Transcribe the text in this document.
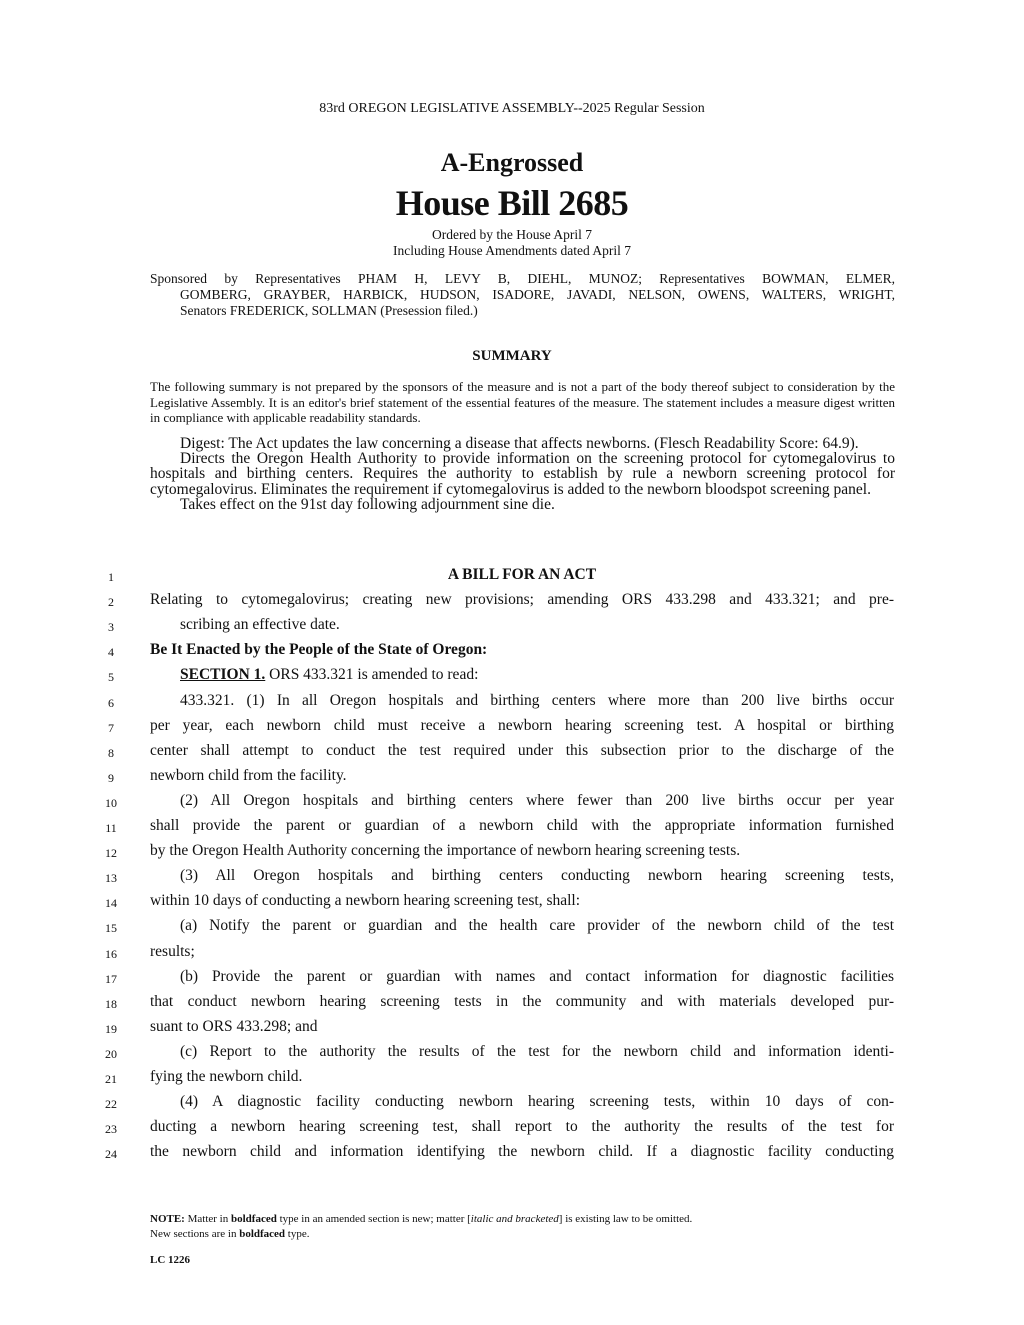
83rd OREGON LEGISLATIVE ASSEMBLY--2025 Regular Session
A-Engrossed
House Bill 2685
Ordered by the House April 7
Including House Amendments dated April 7
Sponsored by Representatives PHAM H, LEVY B, DIEHL, MUNOZ; Representatives BOWMAN, ELMER,
GOMBERG, GRAYBER, HARBICK, HUDSON, ISADORE, JAVADI, NELSON, OWENS, WALTERS, WRIGHT,
Senators FREDERICK, SOLLMAN (Presession filed.)
SUMMARY
The following summary is not prepared by the sponsors of the measure and is not a part of the body thereof subject to consideration by the Legislative Assembly. It is an editor's brief statement of the essential features of the measure. The statement includes a measure digest written in compliance with applicable readability standards.
Digest: The Act updates the law concerning a disease that affects newborns. (Flesch Readability Score: 64.9).
Directs the Oregon Health Authority to provide information on the screening protocol for cytomegalovirus to hospitals and birthing centers. Requires the authority to establish by rule a newborn screening protocol for cytomegalovirus. Eliminates the requirement if cytomegalovirus is added to the newborn bloodspot screening panel.
Takes effect on the 91st day following adjournment sine die.
1	A BILL FOR AN ACT
2	Relating to cytomegalovirus; creating new provisions; amending ORS 433.298 and 433.321; and pre-
3	scribing an effective date.
4	Be It Enacted by the People of the State of Oregon:
5	SECTION 1. ORS 433.321 is amended to read:
6	433.321. (1) In all Oregon hospitals and birthing centers where more than 200 live births occur
7	per year, each newborn child must receive a newborn hearing screening test. A hospital or birthing
8	center shall attempt to conduct the test required under this subsection prior to the discharge of the
9	newborn child from the facility.
10	(2) All Oregon hospitals and birthing centers where fewer than 200 live births occur per year
11	shall provide the parent or guardian of a newborn child with the appropriate information furnished
12	by the Oregon Health Authority concerning the importance of newborn hearing screening tests.
13	(3) All Oregon hospitals and birthing centers conducting newborn hearing screening tests,
14	within 10 days of conducting a newborn hearing screening test, shall:
15	(a) Notify the parent or guardian and the health care provider of the newborn child of the test
16	results;
17	(b) Provide the parent or guardian with names and contact information for diagnostic facilities
18	that conduct newborn hearing screening tests in the community and with materials developed pur-
19	suant to ORS 433.298; and
20	(c) Report to the authority the results of the test for the newborn child and information identi-
21	fying the newborn child.
22	(4) A diagnostic facility conducting newborn hearing screening tests, within 10 days of con-
23	ducting a newborn hearing screening test, shall report to the authority the results of the test for
24	the newborn child and information identifying the newborn child. If a diagnostic facility conducting
NOTE: Matter in boldfaced type in an amended section is new; matter [italic and bracketed] is existing law to be omitted.
New sections are in boldfaced type.
LC 1226
